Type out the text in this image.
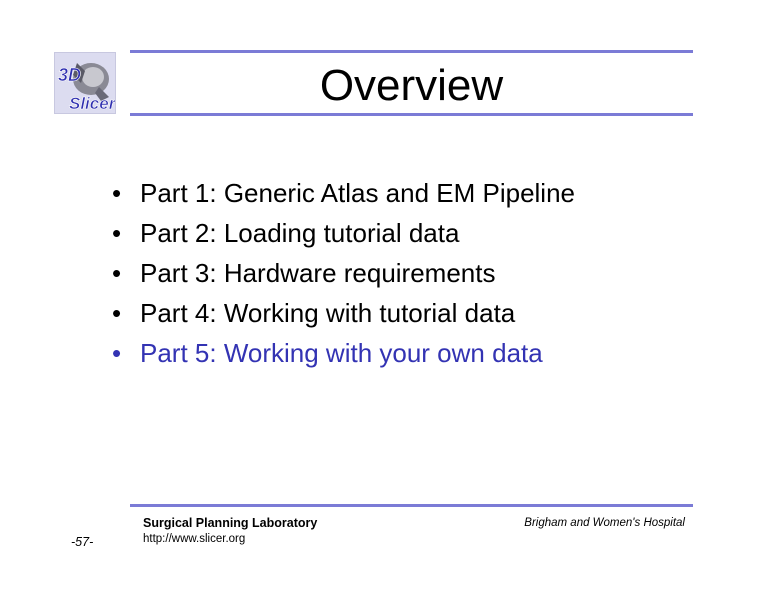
3D
Slicer	Overview
• Part 1: Generic Atlas and EM Pipeline
• Part 2: Loading tutorial data
• Part 3: Hardware requirements
• Part 4: Working with tutorial data
• Part 5: Working with your own data
Surgical Planning Laboratory
http://www.slicer.org
Brigham and Women's Hospital
-57-
